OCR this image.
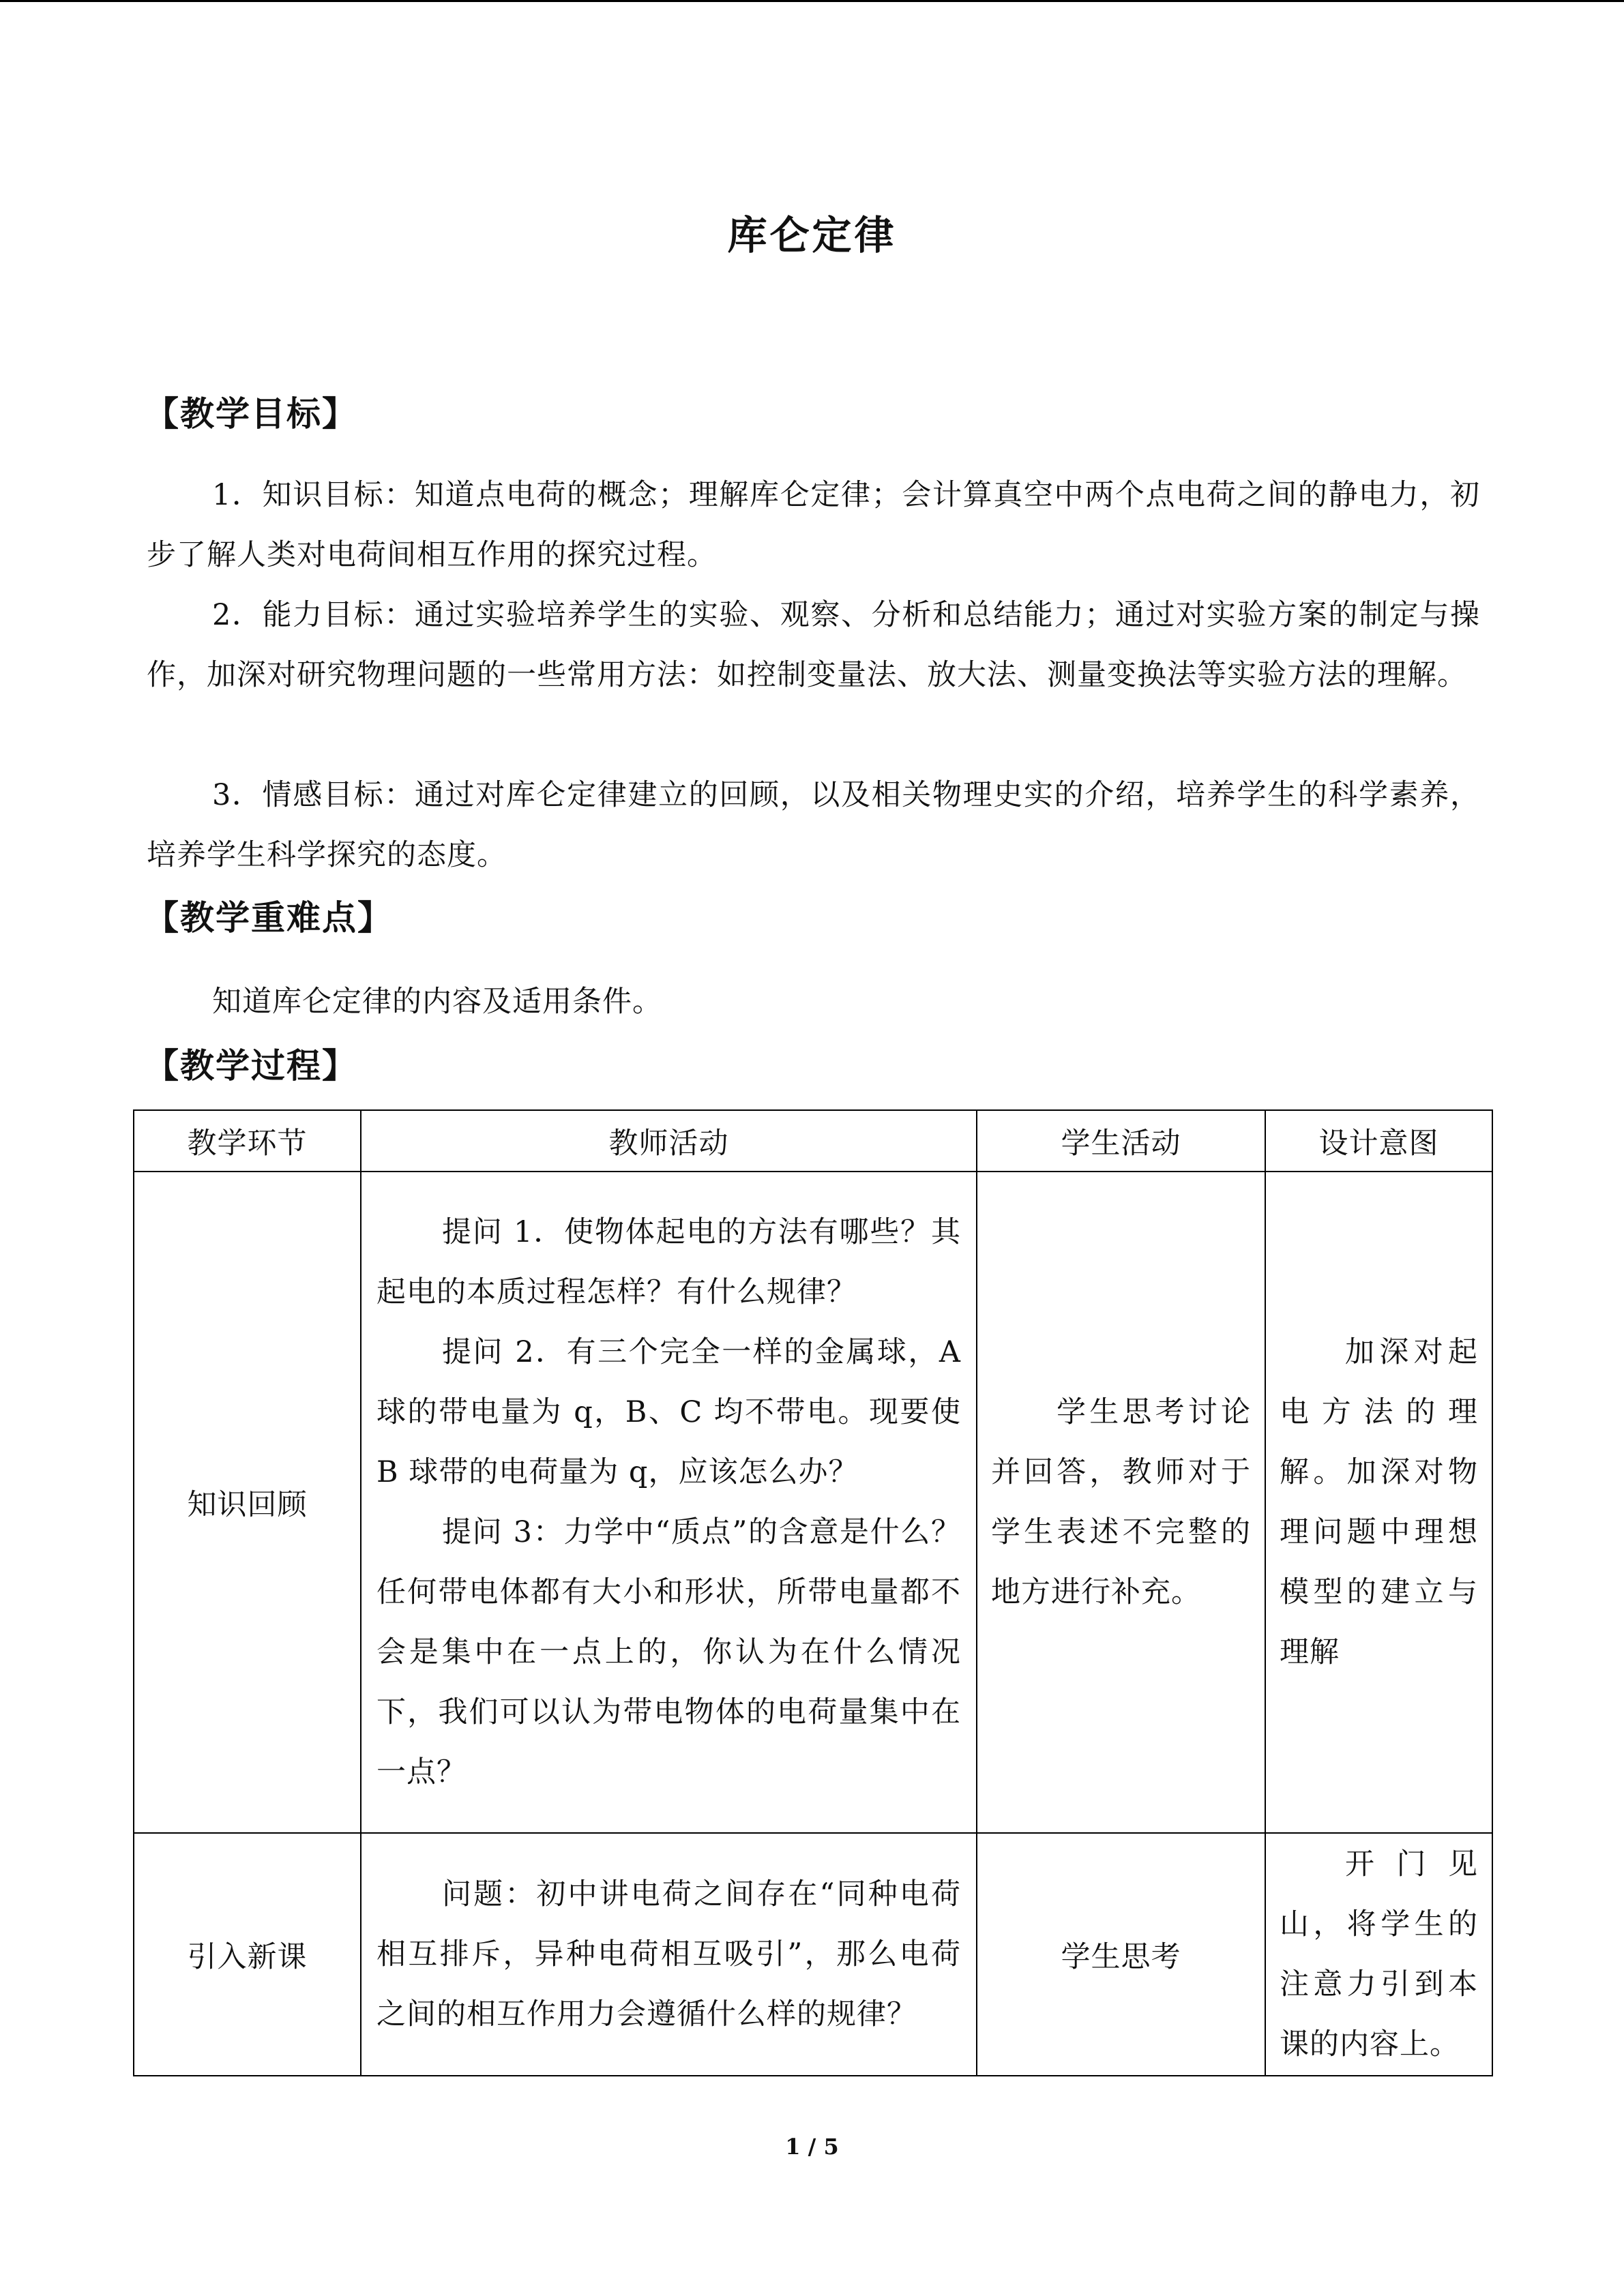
库仑定律
【教学目标】

1．知识目标：知道点电荷的概念；理解库仑定律；会计算真空中两个点电荷之间的静电力，初步了解人类对电荷间相互作用的探究过程。

2．能力目标：通过实验培养学生的实验、观察、分析和总结能力；通过对实验方案的制定与操作，加深对研究物理问题的一些常用方法：如控制变量法、放大法、测量变换法等实验方法的理解。

3．情感目标：通过对库仑定律建立的回顾，以及相关物理史实的介绍，培养学生的科学素养，培养学生科学探究的态度。

【教学重难点】

知道库仑定律的内容及适用条件。

【教学过程】
教学环节	教师活动	学生活动	设计意图
知识回顾	提问 1．使物体起电的方法有哪些？其起电的本质过程怎样？有什么规律？
提问 2．有三个完全一样的金属球，A 球的带电量为 q，B、C 均不带电。现要使 B 球带的电荷量为 q，应该怎么办？
提问 3：力学中“质点”的含意是什么？任何带电体都有大小和形状，所带电量都不会是集中在一点上的，你认为在什么情况下，我们可以认为带电物体的电荷量集中在一点？	学生思考讨论并回答，教师对于学生表述不完整的地方进行补充。	加深对起电方法的理解。加深对物理问题中理想模型的建立与理解
引入新课	问题：初中讲电荷之间存在“同种电荷相互排斥，异种电荷相互吸引”，那么电荷之间的相互作用力会遵循什么样的规律？	学生思考	开门见山，将学生的注意力引到本课的内容上。
1 / 5
